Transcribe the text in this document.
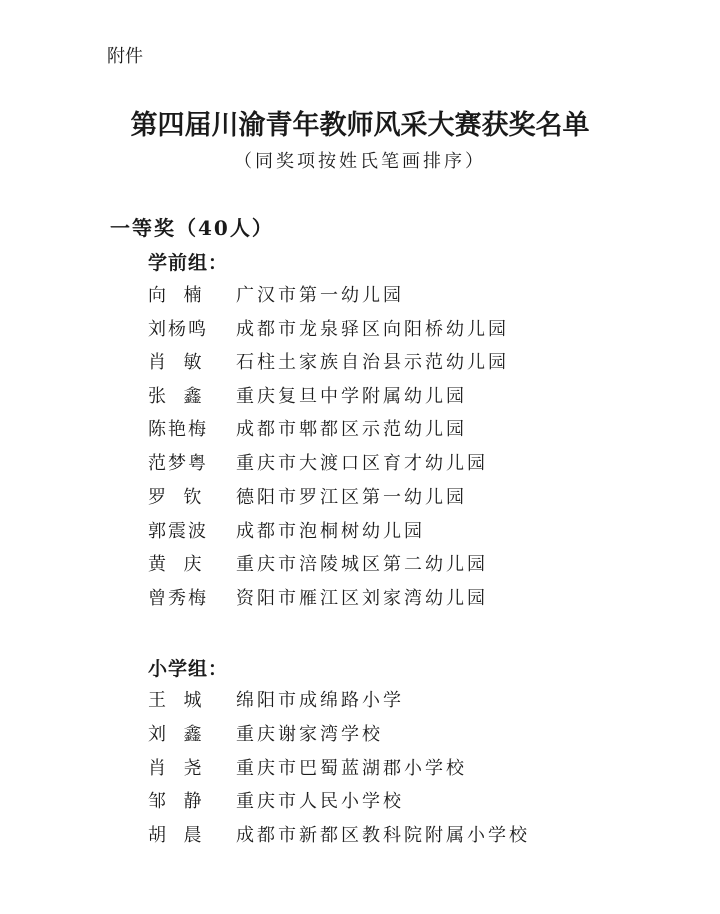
附件
第四届川渝青年教师风采大赛获奖名单
（同奖项按姓氏笔画排序）
一等奖（40人）
学前组：
向  楠	广汉市第一幼儿园
刘杨鸣	成都市龙泉驿区向阳桥幼儿园
肖  敏	石柱土家族自治县示范幼儿园
张  鑫	重庆复旦中学附属幼儿园
陈艳梅	成都市郫都区示范幼儿园
范梦粤	重庆市大渡口区育才幼儿园
罗  钦	德阳市罗江区第一幼儿园
郭震波	成都市泡桐树幼儿园
黄  庆	重庆市涪陵城区第二幼儿园
曾秀梅	资阳市雁江区刘家湾幼儿园
小学组：
王  城	绵阳市成绵路小学
刘  鑫	重庆谢家湾学校
肖  尧	重庆市巴蜀蓝湖郡小学校
邹  静	重庆市人民小学校
胡  晨	成都市新都区教科院附属小学校
